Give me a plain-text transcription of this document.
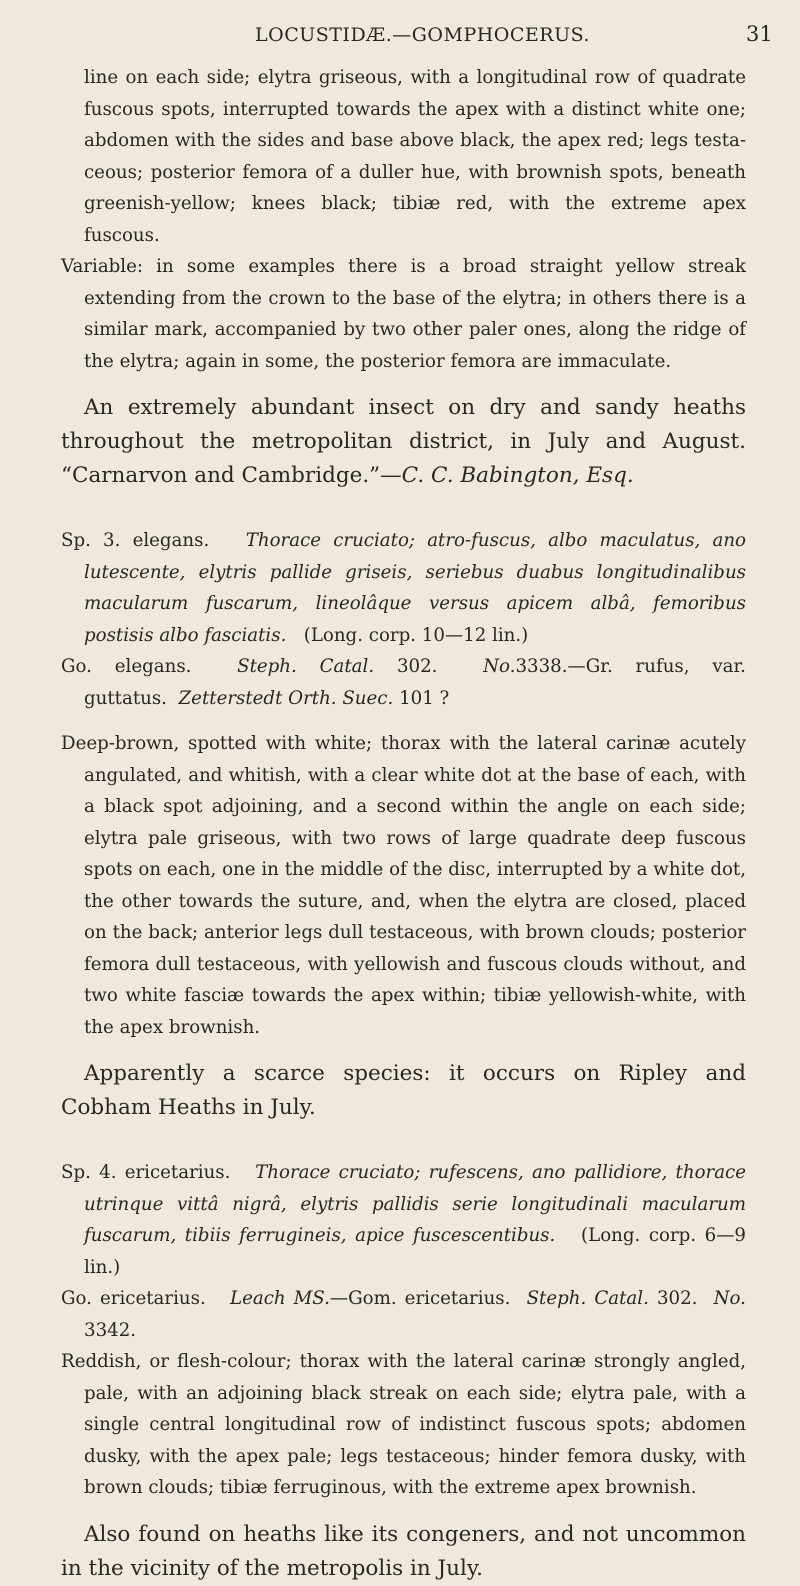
LOCUSTIDÆ.—GOMPHOCERUS.	31

line on each side; elytra griseous, with a longitudinal row of quadrate fuscous spots, interrupted towards the apex with a distinct white one; abdomen with the sides and base above black, the apex red; legs testaceous; posterior femora of a duller hue, with brownish spots, beneath greenish-yellow; knees black; tibiæ red, with the extreme apex fuscous.

Variable: in some examples there is a broad straight yellow streak extending from the crown to the base of the elytra; in others there is a similar mark, accompanied by two other paler ones, along the ridge of the elytra; again in some, the posterior femora are immaculate.

An extremely abundant insect on dry and sandy heaths throughout the metropolitan district, in July and August. “Carnarvon and Cambridge.”—C. C. Babington, Esq.

Sp. 3. elegans. Thorace cruciato; atro-fuscus, albo maculatus, ano lutescente, elytris pallide griseis, seriebus duabus longitudinalibus macularum fuscarum, lineolâque versus apicem albâ, femoribus postisis albo fasciatis. (Long. corp. 10—12 lin.)

Go. elegans.	Steph. Catal. 302.	No.3338.—Gr. rufus, var. guttatus. Zetterstedt Orth. Suec. 101 ?

Deep-brown, spotted with white; thorax with the lateral carinæ acutely angulated, and whitish, with a clear white dot at the base of each, with a black spot adjoining, and a second within the angle on each side; elytra pale griseous, with two rows of large quadrate deep fuscous spots on each, one in the middle of the disc, interrupted by a white dot, the other towards the suture, and, when the elytra are closed, placed on the back; anterior legs dull testaceous, with brown clouds; posterior femora dull testaceous, with yellowish and fuscous clouds without, and two white fasciæ towards the apex within; tibiæ yellowish-white, with the apex brownish.

Apparently a scarce species: it occurs on Ripley and Cobham Heaths in July.

Sp. 4. ericetarius. Thorace cruciato; rufescens, ano pallidiore, thorace utrinque vittâ nigrâ, elytris pallidis serie longitudinali macularum fuscarum, tibiis ferrugineis, apice fuscescentibus. (Long. corp. 6—9 lin.)

Go. ericetarius. Leach MS.—Gom. ericetarius. Steph. Catal. 302. No. 3342.

Reddish, or flesh-colour; thorax with the lateral carinæ strongly angled, pale, with an adjoining black streak on each side; elytra pale, with a single central longitudinal row of indistinct fuscous spots; abdomen dusky, with the apex pale; legs testaceous; hinder femora dusky, with brown clouds; tibiæ ferruginous, with the extreme apex brownish.

Also found on heaths like its congeners, and not uncommon in the vicinity of the metropolis in July.
